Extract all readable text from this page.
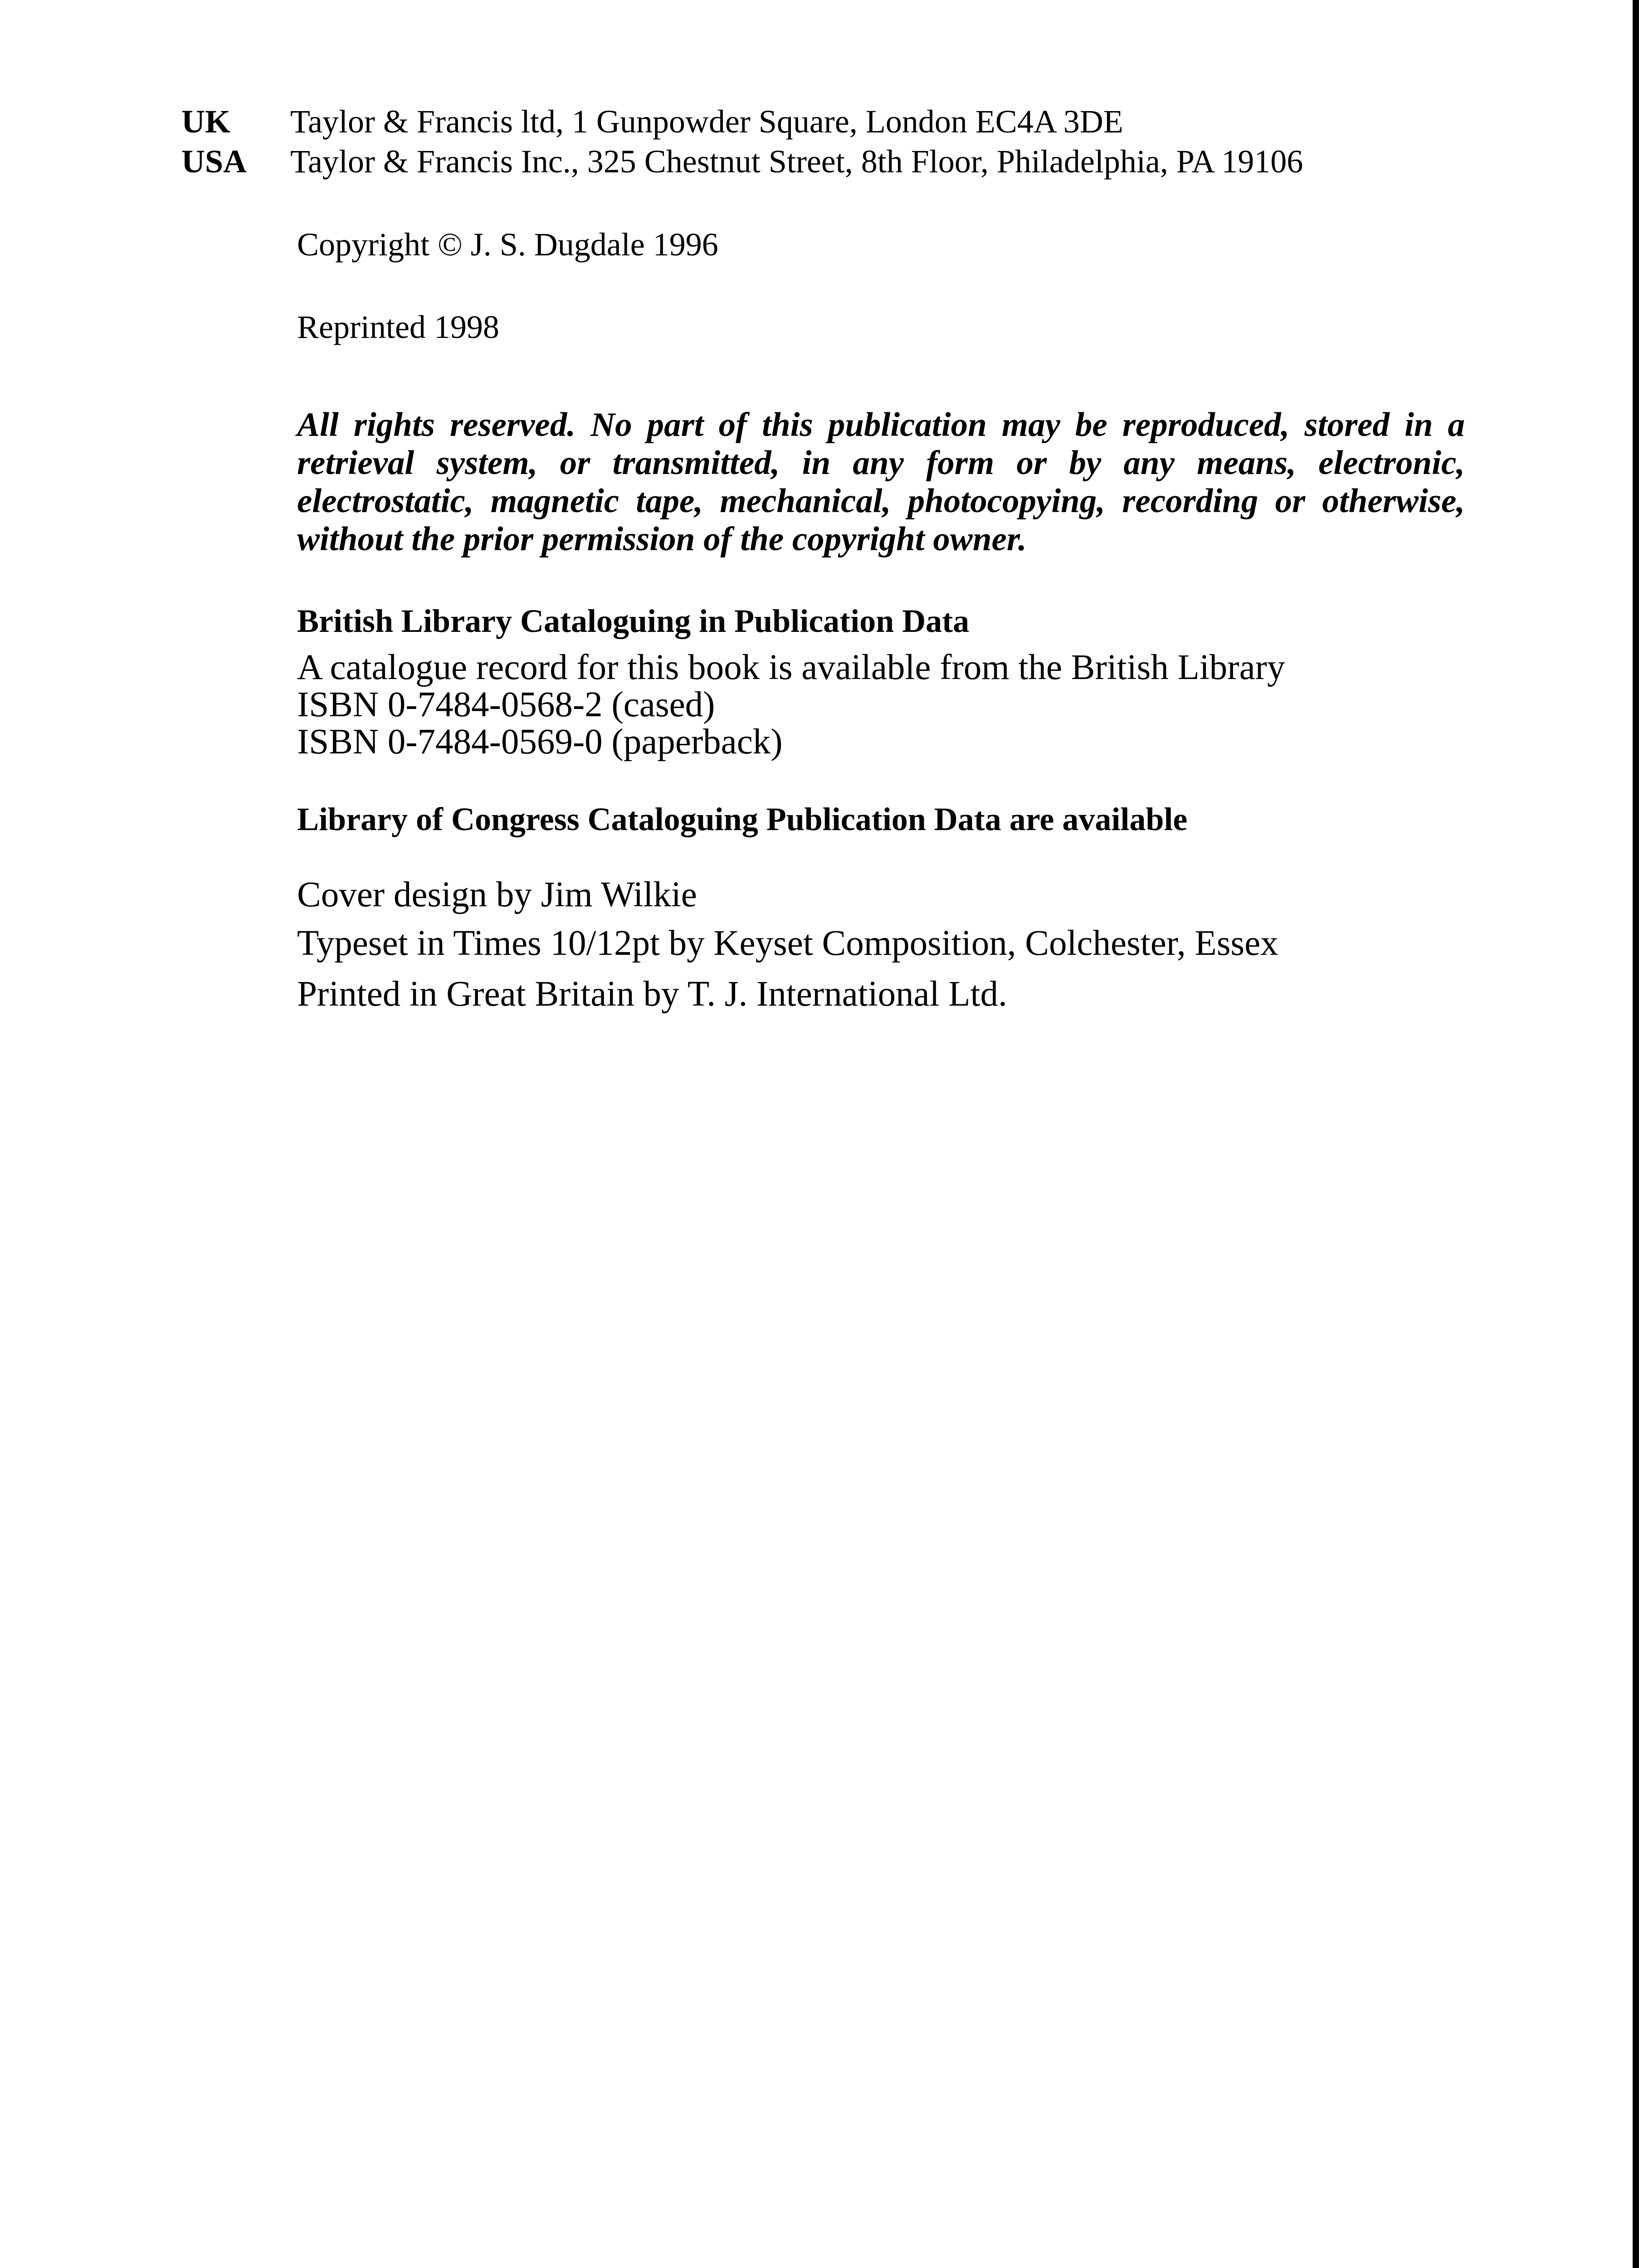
UK Taylor & Francis ltd, 1 Gunpowder Square, London EC4A 3DE
USA Taylor & Francis Inc., 325 Chestnut Street, 8th Floor, Philadelphia, PA 19106
Copyright © J. S. Dugdale 1996
Reprinted 1998
All rights reserved. No part of this publication may be reproduced, stored in a retrieval system, or transmitted, in any form or by any means, electronic, electrostatic, magnetic tape, mechanical, photocopying, recording or otherwise, without the prior permission of the copyright owner.
British Library Cataloguing in Publication Data
A catalogue record for this book is available from the British Library
ISBN 0-7484-0568-2 (cased)
ISBN 0-7484-0569-0 (paperback)
Library of Congress Cataloguing Publication Data are available
Cover design by Jim Wilkie
Typeset in Times 10/12pt by Keyset Composition, Colchester, Essex
Printed in Great Britain by T. J. International Ltd.
